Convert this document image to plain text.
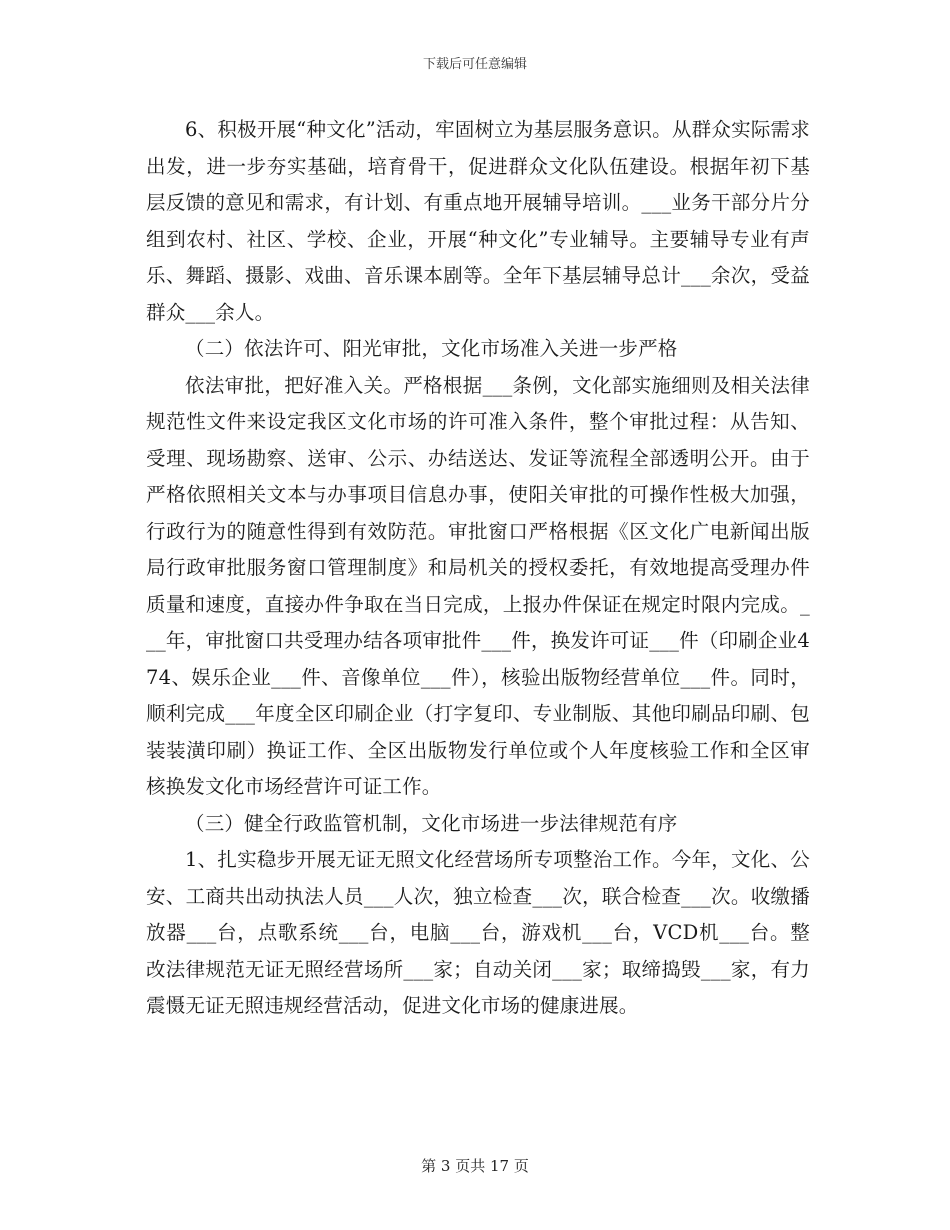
下载后可任意编辑

6、积极开展“种文化”活动，牢固树立为基层服务意识。从群众实际需求出发，进一步夯实基础，培育骨干，促进群众文化队伍建设。根据年初下基层反馈的意见和需求，有计划、有重点地开展辅导培训。___业务干部分片分组到农村、社区、学校、企业，开展“种文化”专业辅导。主要辅导专业有声乐、舞蹈、摄影、戏曲、音乐课本剧等。全年下基层辅导总计___余次，受益群众___余人。

（二）依法许可、阳光审批，文化市场准入关进一步严格

依法审批，把好准入关。严格根据___条例，文化部实施细则及相关法律规范性文件来设定我区文化市场的许可准入条件，整个审批过程：从告知、受理、现场勘察、送审、公示、办结送达、发证等流程全部透明公开。由于严格依照相关文本与办事项目信息办事，使阳关审批的可操作性极大加强，行政行为的随意性得到有效防范。审批窗口严格根据《区文化广电新闻出版局行政审批服务窗口管理制度》和局机关的授权委托，有效地提高受理办件质量和速度，直接办件争取在当日完成，上报办件保证在规定时限内完成。___年，审批窗口共受理办结各项审批件___件，换发许可证___件（印刷企业474、娱乐企业___件、音像单位___件），核验出版物经营单位___件。同时，顺利完成___年度全区印刷企业（打字复印、专业制版、其他印刷品印刷、包装装潢印刷）换证工作、全区出版物发行单位或个人年度核验工作和全区审核换发文化市场经营许可证工作。

（三）健全行政监管机制，文化市场进一步法律规范有序

1、扎实稳步开展无证无照文化经营场所专项整治工作。今年，文化、公安、工商共出动执法人员___人次，独立检查___次，联合检查___次。收缴播放器___台，点歌系统___台，电脑___台，游戏机___台，VCD机___台。整改法律规范无证无照经营场所___家；自动关闭___家；取缔捣毁___家，有力震慑无证无照违规经营活动，促进文化市场的健康进展。

第 3 页共 17 页
